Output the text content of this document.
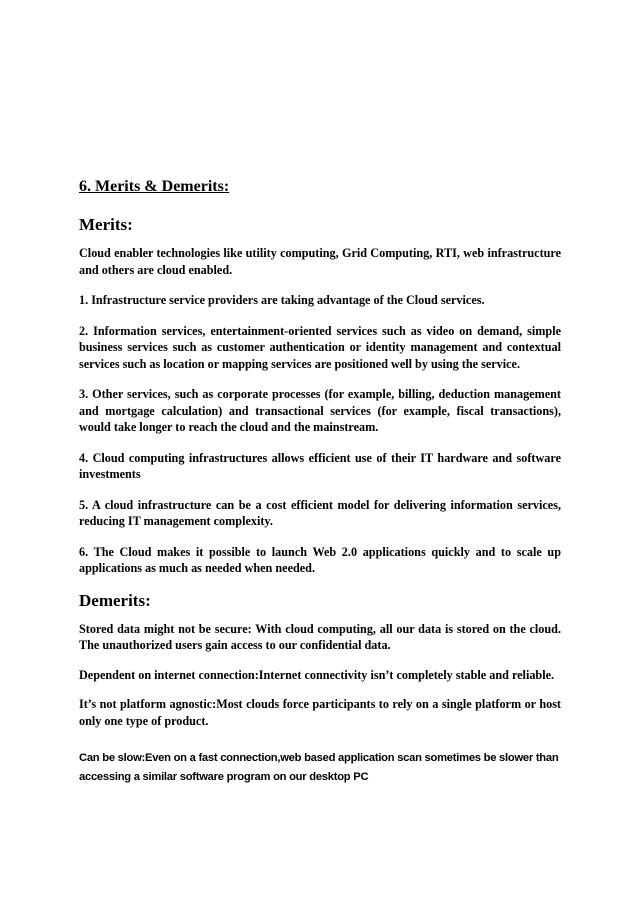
6. Merits & Demerits:
Merits:

Cloud enabler technologies like utility computing, Grid Computing, RTI, web infrastructure and others are cloud enabled.

1. Infrastructure service providers are taking advantage of the Cloud services.

2. Information services, entertainment-oriented services such as video on demand, simple business services such as customer authentication or identity management and contextual services such as location or mapping services are positioned well by using the service.

3. Other services, such as corporate processes (for example, billing, deduction management and mortgage calculation) and transactional services (for example, fiscal transactions), would take longer to reach the cloud and the mainstream.

4. Cloud computing infrastructures allows efficient use of their IT hardware and software investments

5. A cloud infrastructure can be a cost efficient model for delivering information services, reducing IT management complexity.

6. The Cloud makes it possible to launch Web 2.0 applications quickly and to scale up applications as much as needed when needed.

Demerits:

Stored data might not be secure: With cloud computing, all our data is stored on the cloud. The unauthorized users gain access to our confidential data.

Dependent on internet connection:Internet connectivity isn’t completely stable and reliable.

It’s not platform agnostic:Most clouds force participants to rely on a single platform or host only one type of product.

Can be slow:Even on a fast connection,web based application scan sometimes be slower than accessing a similar software program on our desktop PC
